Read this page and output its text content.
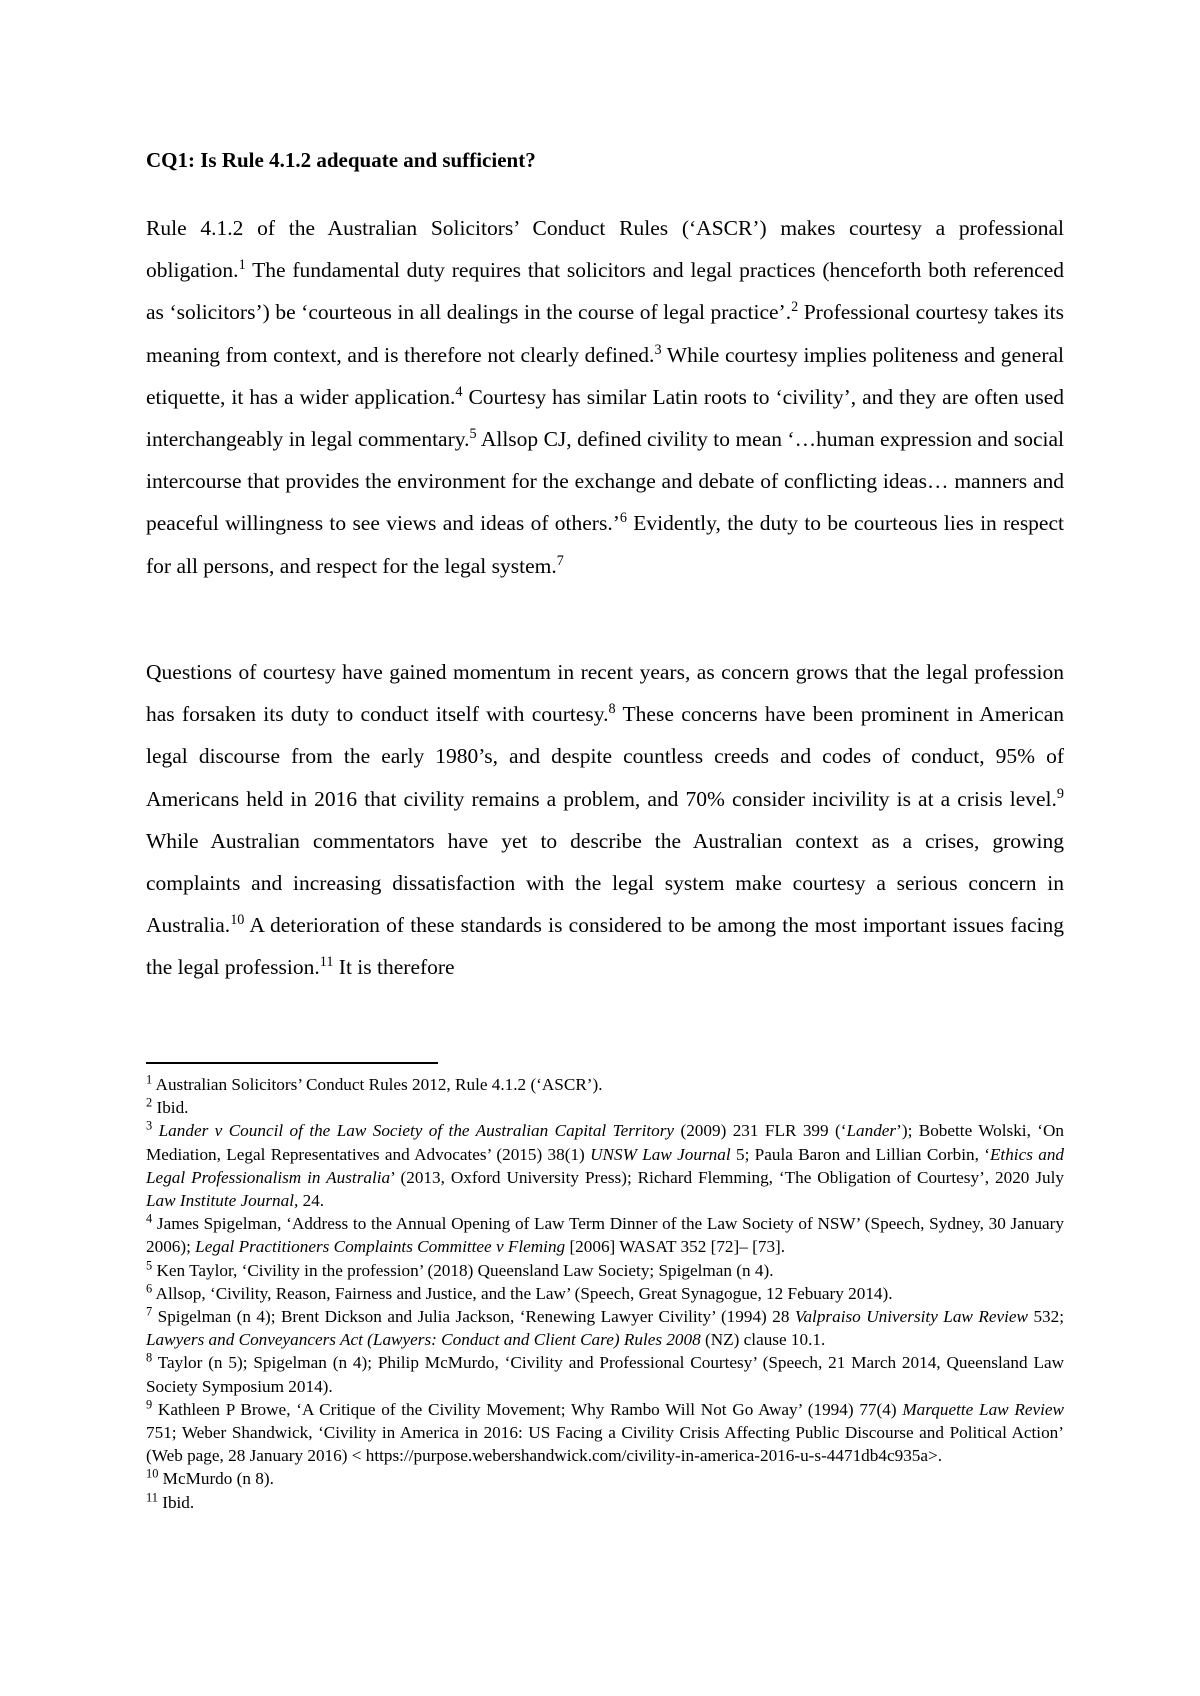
CQ1: Is Rule 4.1.2 adequate and sufficient?

Rule 4.1.2 of the Australian Solicitors’ Conduct Rules (‘ASCR’) makes courtesy a professional obligation.$^1$ The fundamental duty requires that solicitors and legal practices (henceforth both referenced as ‘solicitors’) be ‘courteous in all dealings in the course of legal practice’.$^2$ Professional courtesy takes its meaning from context, and is therefore not clearly defined.$^3$ While courtesy implies politeness and general etiquette, it has a wider application.$^4$ Courtesy has similar Latin roots to ‘civility’, and they are often used interchangeably in legal commentary.$^5$ Allsop CJ, defined civility to mean ‘…human expression and social intercourse that provides the environment for the exchange and debate of conflicting ideas… manners and peaceful willingness to see views and ideas of others.’$^6$ Evidently, the duty to be courteous lies in respect for all persons, and respect for the legal system.$^7$

Questions of courtesy have gained momentum in recent years, as concern grows that the legal profession has forsaken its duty to conduct itself with courtesy.$^8$ These concerns have been prominent in American legal discourse from the early 1980’s, and despite countless creeds and codes of conduct, 95% of Americans held in 2016 that civility remains a problem, and 70% consider incivility is at a crisis level.$^9$ While Australian commentators have yet to describe the Australian context as a crises, growing complaints and increasing dissatisfaction with the legal system make courtesy a serious concern in Australia.$^{10}$ A deterioration of these standards is considered to be among the most important issues facing the legal profession.$^{11}$ It is therefore

$^1$ Australian Solicitors’ Conduct Rules 2012, Rule 4.1.2 (‘ASCR’).

$^2$ Ibid.

$^3$ Lander v Council of the Law Society of the Australian Capital Territory (2009) 231 FLR 399 (‘Lander’); Bobette Wolski, ‘On Mediation, Legal Representatives and Advocates’ (2015) 38(1) UNSW Law Journal 5; Paula Baron and Lillian Corbin, ‘Ethics and Legal Professionalism in Australia’ (2013, Oxford University Press); Richard Flemming, ‘The Obligation of Courtesy’, 2020 July Law Institute Journal, 24.

$^4$ James Spigelman, ‘Address to the Annual Opening of Law Term Dinner of the Law Society of NSW’ (Speech, Sydney, 30 January 2006); Legal Practitioners Complaints Committee v Fleming [2006] WASAT 352 [72]– [73].

$^5$ Ken Taylor, ‘Civility in the profession’ (2018) Queensland Law Society; Spigelman (n 4).

$^6$ Allsop, ‘Civility, Reason, Fairness and Justice, and the Law’ (Speech, Great Synagogue, 12 Febuary 2014).

$^7$ Spigelman (n 4); Brent Dickson and Julia Jackson, ‘Renewing Lawyer Civility’ (1994) 28 Valpraiso University Law Review 532; Lawyers and Conveyancers Act (Lawyers: Conduct and Client Care) Rules 2008 (NZ) clause 10.1.

$^8$ Taylor (n 5); Spigelman (n 4); Philip McMurdo, ‘Civility and Professional Courtesy’ (Speech, 21 March 2014, Queensland Law Society Symposium 2014).

$^9$ Kathleen P Browe, ‘A Critique of the Civility Movement; Why Rambo Will Not Go Away’ (1994) 77(4) Marquette Law Review 751; Weber Shandwick, ‘Civility in America in 2016: US Facing a Civility Crisis Affecting Public Discourse and Political Action’ (Web page, 28 January 2016) < https://purpose.webershandwick.com/civility-in-america-2016-u-s-4471db4c935a>.

$^{10}$ McMurdo (n 8).

$^{11}$ Ibid.
